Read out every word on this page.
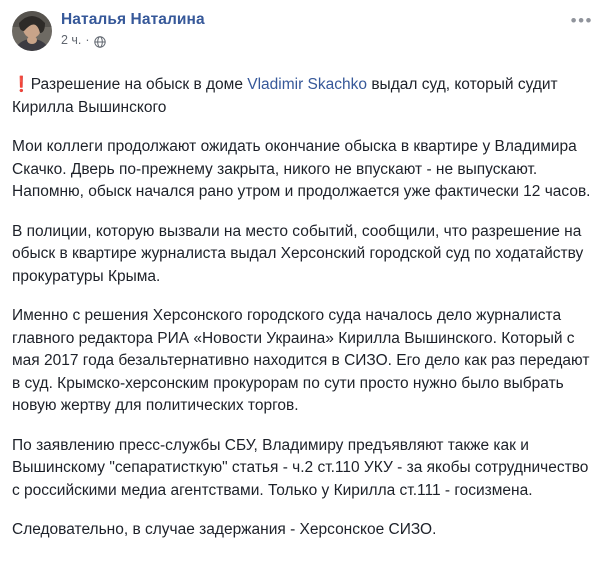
Наталья Наталина
2 ч. ·
•••

❗Разрешение на обыск в доме Vladimir Skachko выдал суд, который судит Кирилла Вышинского

Мои коллеги продолжают ожидать окончание обыска в квартире у Владимира Скачко. Дверь по-прежнему закрыта, никого не впускают - не выпускают. Напомню, обыск начался рано утром и продолжается уже фактически 12 часов.

В полиции, которую вызвали на место событий, сообщили, что разрешение на обыск в квартире журналиста выдал Херсонский городской суд по ходатайству прокуратуры Крыма.

Именно с решения Херсонского городского суда началось дело журналиста главного редактора РИА «Новости Украина» Кирилла Вышинского. Который с мая 2017 года безальтернативно находится в СИЗО. Его дело как раз передают в суд. Крымско-херсонским прокурорам по сути просто нужно было выбрать новую жертву для политических торгов.

По заявлению пресс-службы СБУ, Владимиру предъявляют также как и Вышинскому "сепаратисткую" статья - ч.2 ст.110 УКУ - за якобы сотрудничество с российскими медиа агентствами. Только у Кирилла ст.111 - госизмена.

Следовательно, в случае задержания - Херсонское СИЗО.
